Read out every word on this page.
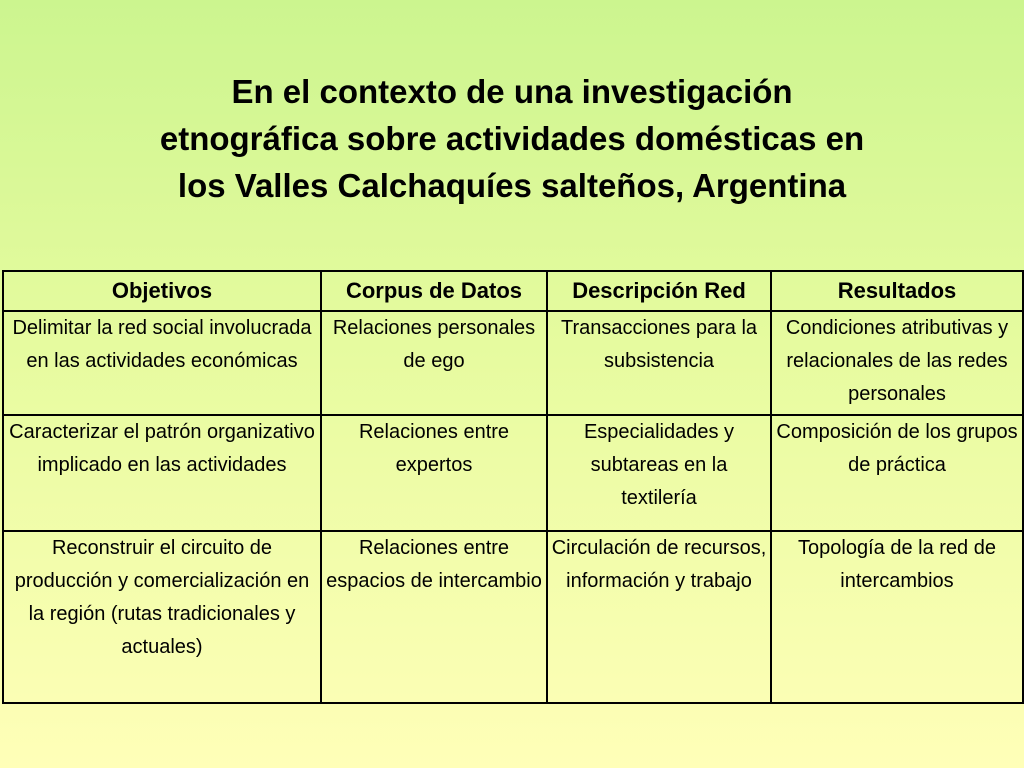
En el contexto de una investigación
etnográfica sobre actividades domésticas en
los Valles Calchaquíes salteños, Argentina
Objetivos	Corpus de Datos	Descripción Red	Resultados
Delimitar la red social involucrada en las actividades económicas	Relaciones personales de ego	Transacciones para la subsistencia	Condiciones atributivas y relacionales de las redes personales
Caracterizar el patrón organizativo implicado en las actividades	Relaciones entre expertos	Especialidades y subtareas en la textilería	Composición de los grupos de práctica
Reconstruir el circuito de producción y comercialización en la región (rutas tradicionales y actuales)	Relaciones entre espacios de intercambio	Circulación de recursos, información y trabajo	Topología de la red de intercambios
